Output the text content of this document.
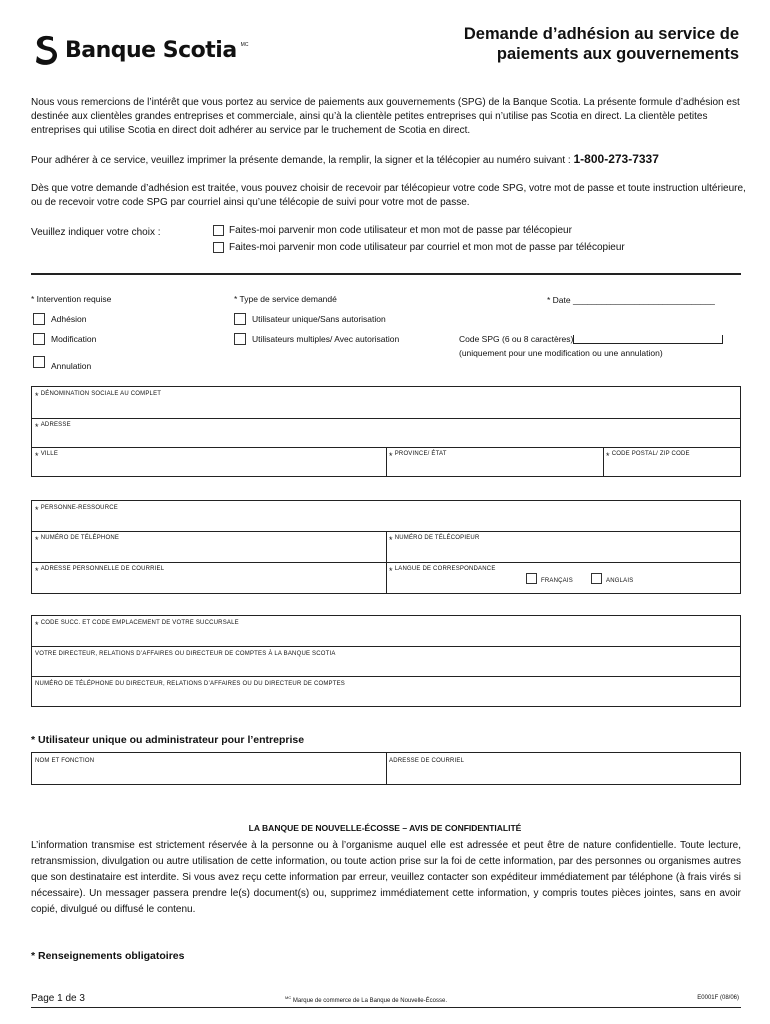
Banque Scotia MC
Demande d’adhésion au service de
paiements aux gouvernements

Nous vous remercions de l’intérêt que vous portez au service de paiements aux gouvernements (SPG) de la Banque Scotia. La présente formule d’adhésion est destinée aux clientèles grandes entreprises et commerciale, ainsi qu’à la clientèle petites entreprises qui n’utilise pas Scotia en direct. La clientèle petites entreprises qui utilise Scotia en direct doit adhérer au service par le truchement de Scotia en direct.

Pour adhérer à ce service, veuillez imprimer la présente demande, la remplir, la signer et la télécopier au numéro suivant : 1-800-273-7337

Dès que votre demande d’adhésion est traitée, vous pouvez choisir de recevoir par télécopieur votre code SPG, votre mot de passe et toute instruction ultérieure, ou de recevoir votre code SPG par courriel ainsi qu’une télécopie de suivi pour votre mot de passe.

Veuillez indiquer votre choix :	Faites-moi parvenir mon code utilisateur et mon mot de passe par télécopieur
Faites-moi parvenir mon code utilisateur par courriel et mon mot de passe par télécopieur
* Intervention requise	* Type de service demandé	* Date ______________________________
Adhésion
Modification
Annulation
Utilisateur unique/Sans autorisation
Utilisateurs multiples/ Avec autorisation	Code SPG (6 ou 8 caractères)
(uniquement pour une modification ou une annulation)
* DÉNOMINATION SOCIALE AU COMPLET
* ADRESSE
* VILLE	* PROVINCE/ ÉTAT	* CODE POSTAL/ ZIP CODE
* PERSONNE-RESSOURCE
* NUMÉRO DE TÉLÉPHONE	* NUMÉRO DE TÉLÉCOPIEUR
* ADRESSE PERSONNELLE DE COURRIEL	* LANGUE DE CORRESPONDANCE
FRANÇAIS	ANGLAIS
* CODE SUCC. ET CODE EMPLACEMENT DE VOTRE SUCCURSALE
VOTRE DIRECTEUR, RELATIONS D’AFFAIRES OU DIRECTEUR DE COMPTES À LA BANQUE SCOTIA
NUMÉRO DE TÉLÉPHONE DU DIRECTEUR, RELATIONS D’AFFAIRES OU DU DIRECTEUR DE COMPTES
* Utilisateur unique ou administrateur pour l’entreprise
NOM ET FONCTION	ADRESSE DE COURRIEL
LA BANQUE DE NOUVELLE-ÉCOSSE – AVIS DE CONFIDENTIALITÉ

L’information transmise est strictement réservée à la personne ou à l’organisme auquel elle est adressée et peut être de nature confidentielle. Toute lecture, retransmission, divulgation ou autre utilisation de cette information, ou toute action prise sur la foi de cette information, par des personnes ou organismes autres que son destinataire est interdite. Si vous avez reçu cette information par erreur, veuillez contacter son expéditeur immédiatement par téléphone (à frais virés si nécessaire). Un messager passera prendre le(s) document(s) ou, supprimez immédiatement cette information, y compris toutes pièces jointes, sans en avoir copié, divulgué ou diffusé le contenu.

* Renseignements obligatoires
Page 1 de 3	$^{MC}$ Marque de commerce de La Banque de Nouvelle-Écosse.	E0001F (08/06)
